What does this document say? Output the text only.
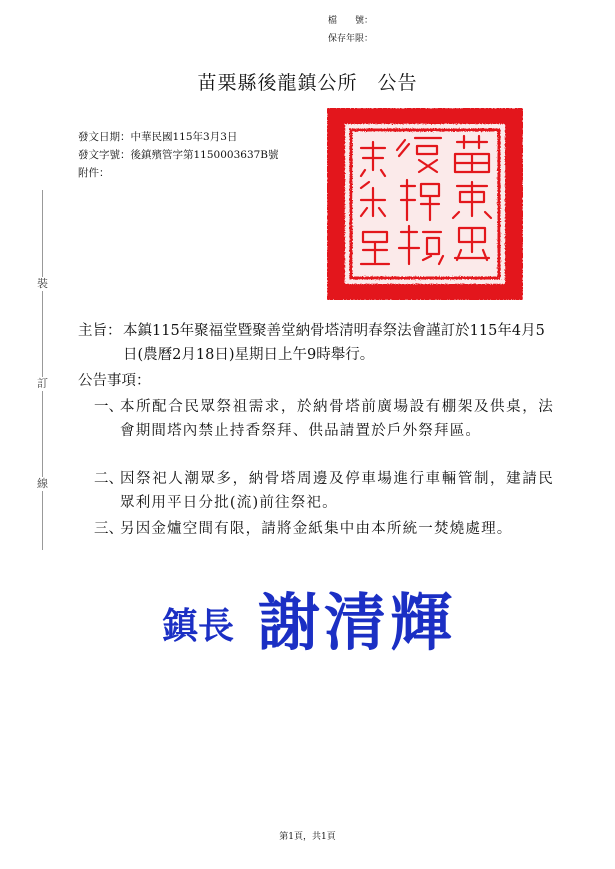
裝
訂
線
檔　　號：
保存年限：
苗栗縣後龍鎮公所　公告
發文日期：中華民國115年3月3日
發文字號：後鎮殯管字第1150003637B號
附件：
主旨： 本鎮115年聚福堂暨聚善堂納骨塔清明春祭法會謹訂於115年4月5日(農曆2月18日)星期日上午9時舉行。
公告事項：
一、
本所配合民眾祭祖需求，於納骨塔前廣場設有棚架及供桌，法會期間塔內禁止持香祭拜、供品請置於戶外祭拜區。
二、
因祭祀人潮眾多，納骨塔周邊及停車場進行車輛管制，建請民眾利用平日分批(流)前往祭祀。
三、
另因金爐空間有限，請將金紙集中由本所統一焚燒處理。
鎮長 謝清輝
第1頁，共1頁
